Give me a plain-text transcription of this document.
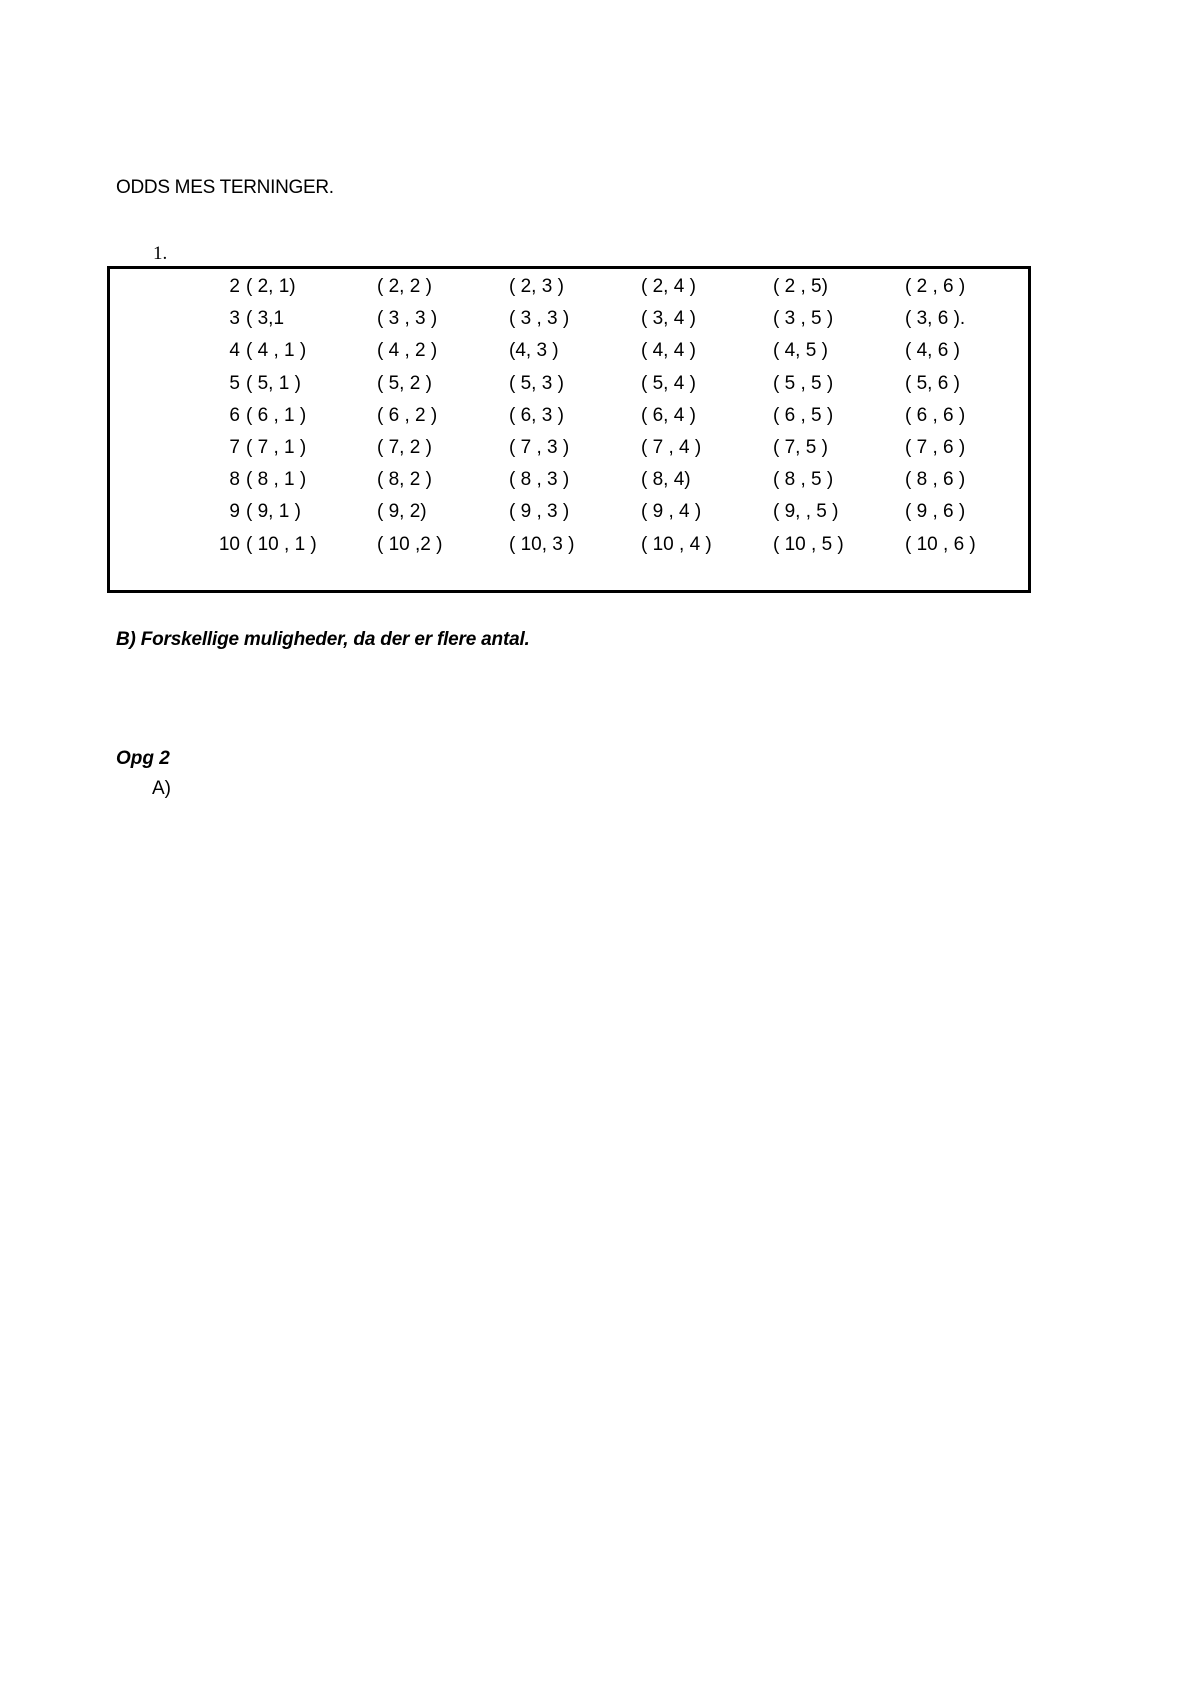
ODDS MES TERNINGER.
1.
2 ( 2, 1)	( 2, 2 )	( 2, 3 )	( 2, 4 )	( 2 , 5)	( 2 , 6 )
3 ( 3,1	( 3 , 3 )	( 3 , 3 )	( 3, 4 )	( 3 , 5 )	( 3, 6 ).
4 ( 4 , 1 )	( 4 , 2 )	(4, 3 )	( 4, 4 )	( 4, 5 )	( 4, 6 )
5 ( 5, 1 )	( 5, 2 )	( 5, 3 )	( 5, 4 )	( 5 , 5 )	( 5, 6 )
6 ( 6 , 1 )	( 6 , 2 )	( 6, 3 )	( 6, 4 )	( 6 , 5 )	( 6 , 6 )
7 ( 7 , 1 )	( 7, 2 )	( 7 , 3 )	( 7 , 4 )	( 7, 5 )	( 7 , 6 )
8 ( 8 , 1 )	( 8, 2 )	( 8 , 3 )	( 8, 4)	( 8 , 5 )	( 8 , 6 )
9 ( 9, 1 )	( 9, 2)	( 9 , 3 )	( 9 , 4 )	( 9, , 5 )	( 9 , 6 )
10 ( 10 , 1 )	( 10 ,2 )	( 10, 3 )	( 10 , 4 )	( 10 , 5 )	( 10 , 6 )
B) Forskellige muligheder, da der er flere antal.
Opg 2
A)
